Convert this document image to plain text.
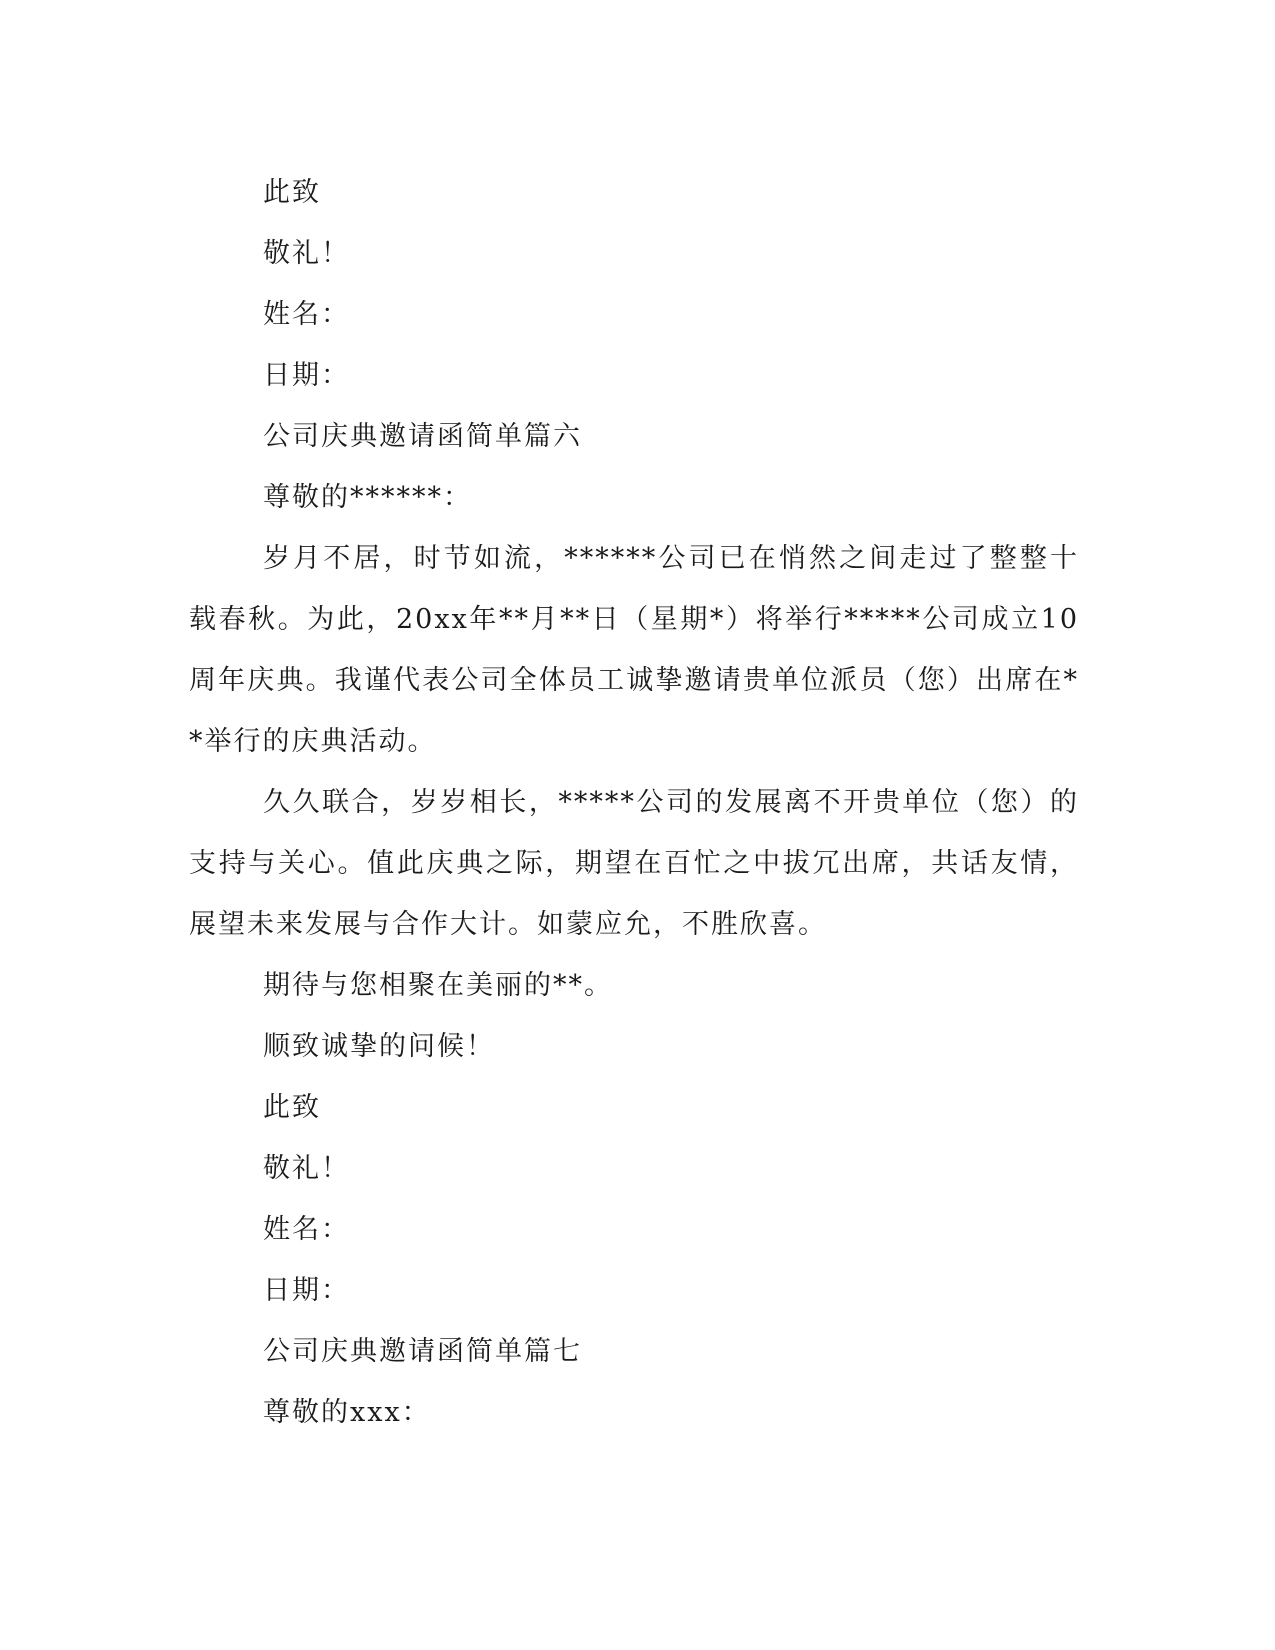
此致
敬礼！
姓名：
日期：
公司庆典邀请函简单篇六
尊敬的******：

岁月不居，时节如流，******公司已在悄然之间走过了整整十载春秋。为此，20xx年**月**日（星期*）将举行*****公司成立10周年庆典。我谨代表公司全体员工诚挚邀请贵单位派员（您）出席在**举行的庆典活动。

久久联合，岁岁相长，*****公司的发展离不开贵单位（您）的支持与关心。值此庆典之际，期望在百忙之中拔冗出席，共话友情，展望未来发展与合作大计。如蒙应允，不胜欣喜。

期待与您相聚在美丽的**。
顺致诚挚的问候！
此致
敬礼！
姓名：
日期：
公司庆典邀请函简单篇七
尊敬的xxx：
